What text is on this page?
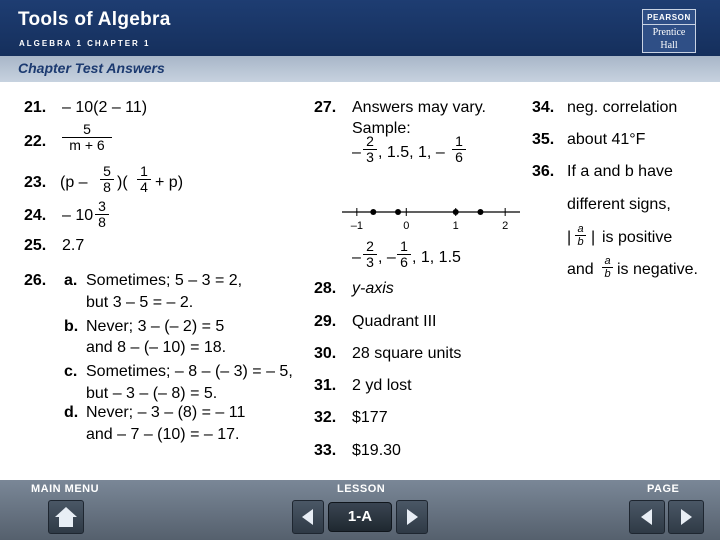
Tools of Algebra
ALGEBRA 1 CHAPTER 1
PEARSON
Prentice
Hall
Chapter Test Answers
21. – 10(2 – 11)
22.
5
m + 6
23. (p –
5
8 )(
1
4 + p)
24. – 10
3
8
25. 2.7
26. a. Sometimes; 5 – 3 = 2,
but 3 – 5 = – 2.
b. Never; 3 – (– 2) = 5
and 8 – (– 10) = 18.
c. Sometimes; – 8 – (– 3) = – 5,
but – 3 – (– 8) = 5.
d. Never; – 3 – (8) = – 11
and – 7 – (10) = – 17.
27. Answers may vary.
Sample:
–
2
3 , 1.5, 1, –
1
6
–1	0	1	2
–
2
3 , –
1
6 , 1, 1.5
28. y-axis
29. Quadrant III
30. 28 square units
31. 2 yd lost
32. $177
33. $19.30
34. neg. correlation
35. about 41°F
36. If a and b have
different signs,
| a
b | is positive
and a
b is negative.
MAIN MENU	LESSON
1-A
PAGE
